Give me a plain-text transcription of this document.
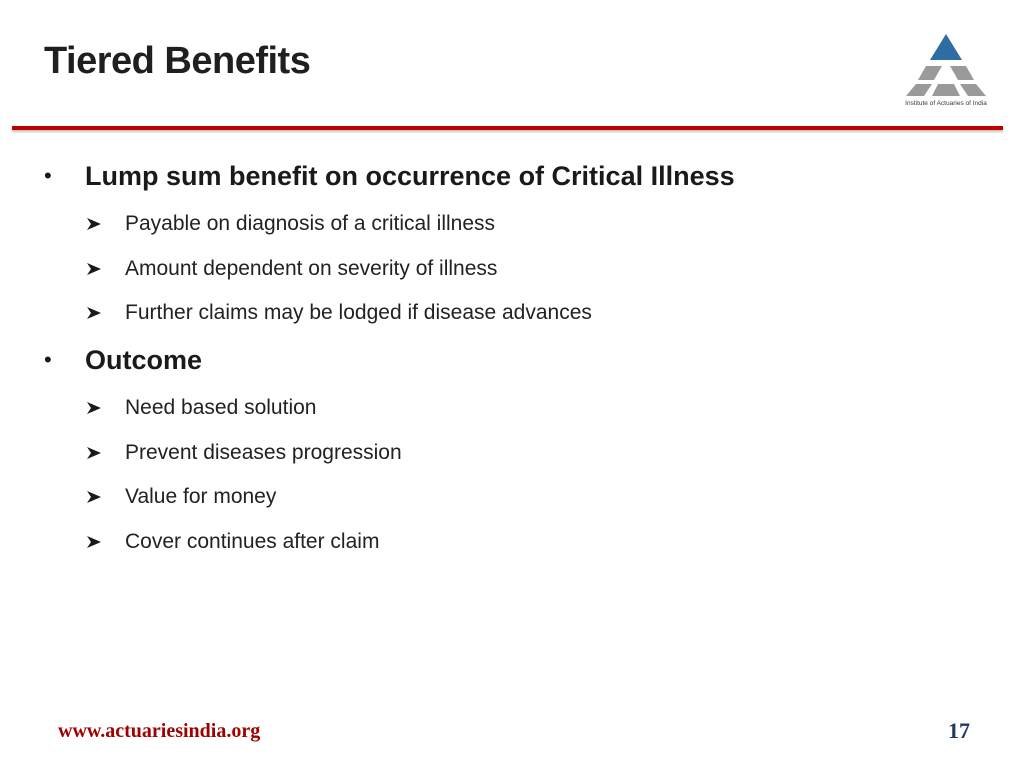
Tiered Benefits
Institute of Actuaries of India
• Lump sum benefit on occurrence of Critical Illness
Payable on diagnosis of a critical illness
Amount dependent on severity of illness
Further claims may be lodged if disease advances
• Outcome
Need based solution
Prevent diseases progression
Value for money
Cover continues after claim
www.actuariesindia.org	17
